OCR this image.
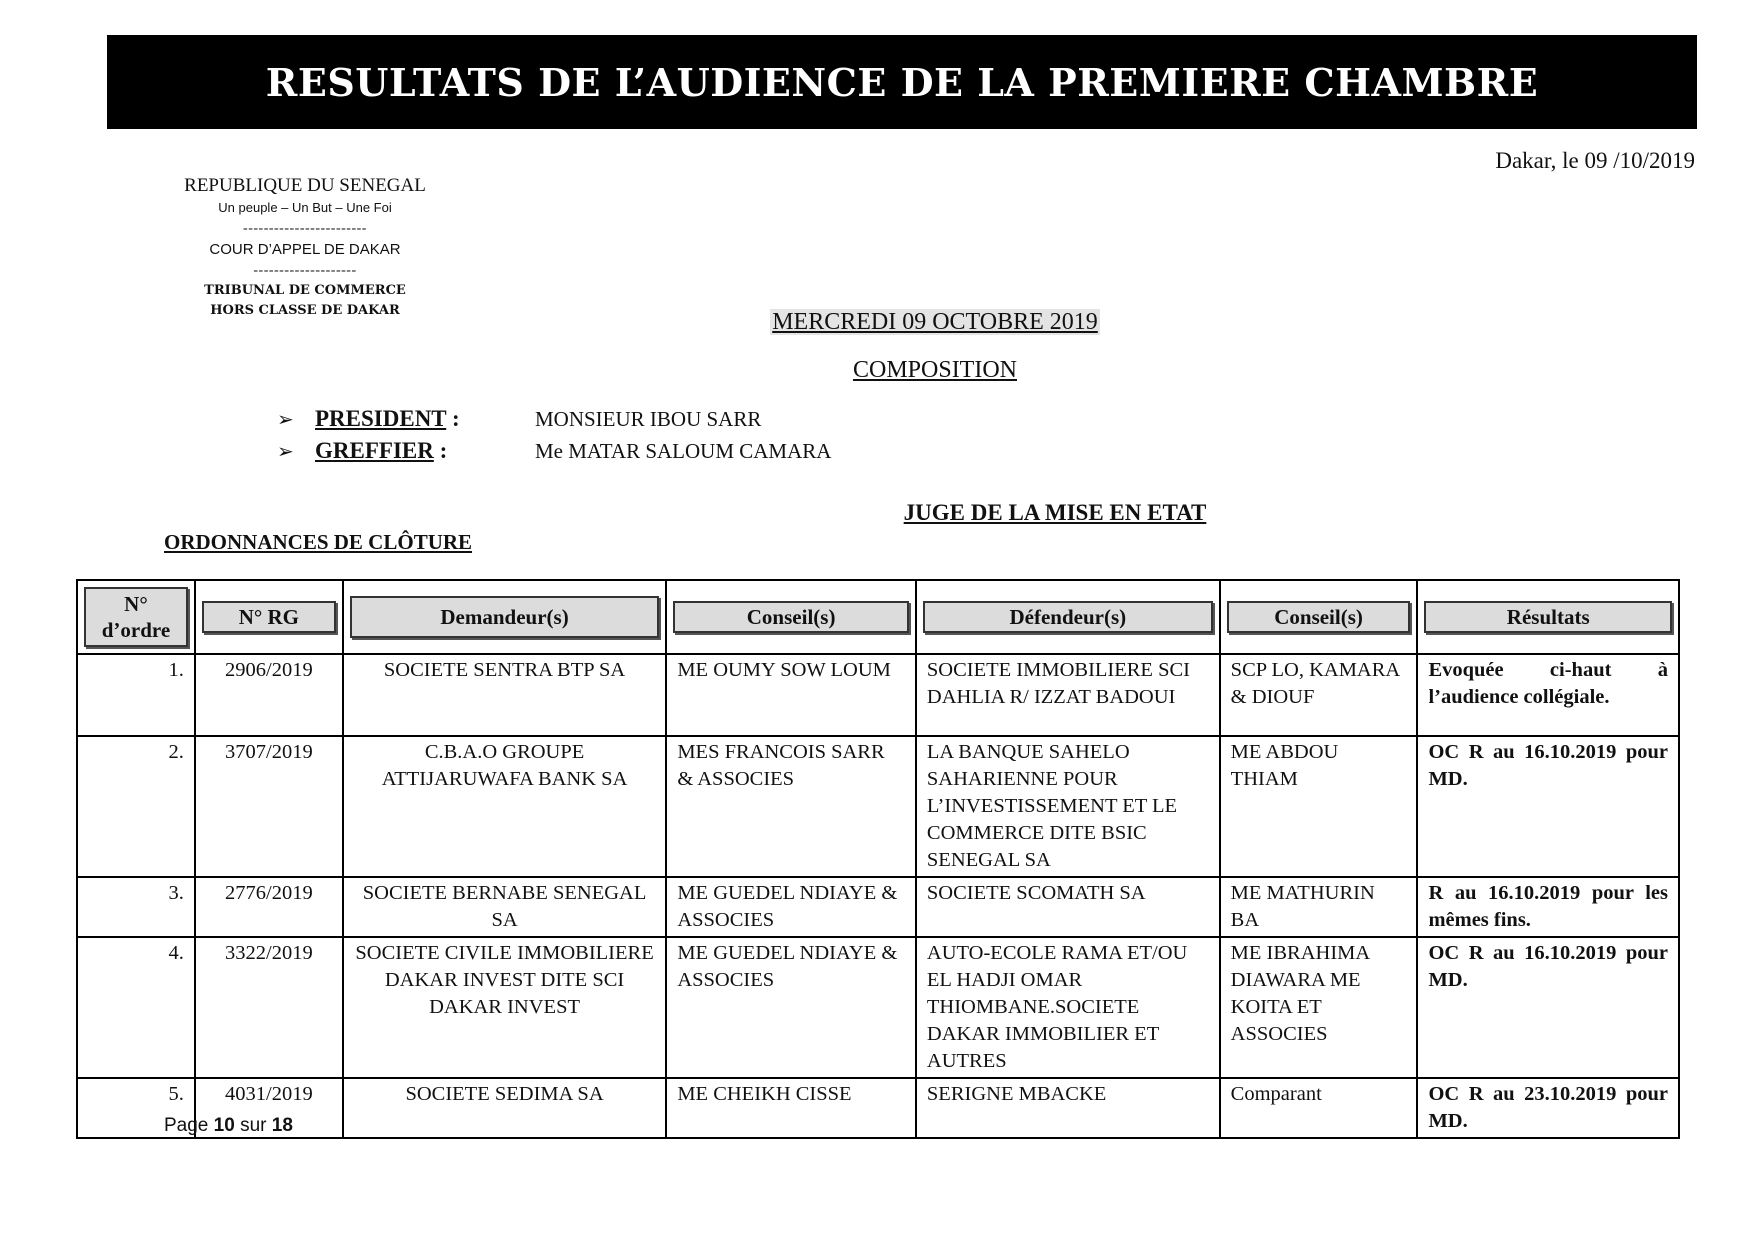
RESULTATS DE L’AUDIENCE DE LA PREMIERE CHAMBRE
Dakar, le 09 /10/2019
REPUBLIQUE DU SENEGAL
Un peuple – Un But – Une Foi
------------------------
COUR D’APPEL DE DAKAR
--------------------
TRIBUNAL DE COMMERCE
HORS CLASSE DE DAKAR	MERCREDI 09 OCTOBRE 2019
COMPOSITION
➢ PRESIDENT :	MONSIEUR IBOU SARR
➢ GREFFIER :	Me MATAR SALOUM CAMARA
JUGE DE LA MISE EN ETAT
ORDONNANCES DE CLÔTURE
N°
d’ordre	N° RG	Demandeur(s)	Conseil(s)	Défendeur(s)	Conseil(s)	Résultats

1.	2906/2019	SOCIETE SENTRA BTP SA	ME OUMY SOW LOUM	SOCIETE IMMOBILIERE SCI DAHLIA R/ IZZAT BADOUI	SCP LO, KAMARA & DIOUF	Evoquée ci-haut à l’audience collégiale.
2.	3707/2019	C.B.A.O GROUPE ATTIJARUWAFA BANK SA	MES FRANCOIS SARR & ASSOCIES	LA BANQUE SAHELO SAHARIENNE POUR L’INVESTISSEMENT ET LE COMMERCE DITE BSIC SENEGAL SA	ME ABDOU THIAM	OC R au 16.10.2019 pour MD.
3.	2776/2019	SOCIETE BERNABE SENEGAL SA	ME GUEDEL NDIAYE & ASSOCIES	SOCIETE SCOMATH SA	ME MATHURIN BA	R au 16.10.2019 pour les mêmes fins.
4.	3322/2019	SOCIETE CIVILE IMMOBILIERE DAKAR INVEST DITE SCI DAKAR INVEST	ME GUEDEL NDIAYE & ASSOCIES	AUTO-ECOLE RAMA ET/OU EL HADJI OMAR THIOMBANE.SOCIETE DAKAR IMMOBILIER ET AUTRES	ME IBRAHIMA DIAWARA ME KOITA ET ASSOCIES	OC R au 16.10.2019 pour MD.
5.	4031/2019	SOCIETE SEDIMA SA	ME CHEIKH CISSE	SERIGNE MBACKE	Comparant	OC R au 23.10.2019 pour MD.
Page 10 sur 18
